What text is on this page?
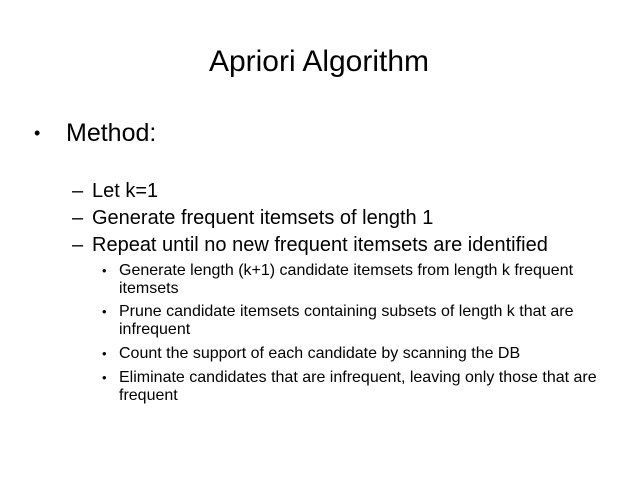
Apriori Algorithm
• Method:
– Let k=1
– Generate frequent itemsets of length 1
– Repeat until no new frequent itemsets are identified
• Generate length (k+1) candidate itemsets from length k frequent itemsets
• Prune candidate itemsets containing subsets of length k that are infrequent
• Count the support of each candidate by scanning the DB
• Eliminate candidates that are infrequent, leaving only those that are frequent
